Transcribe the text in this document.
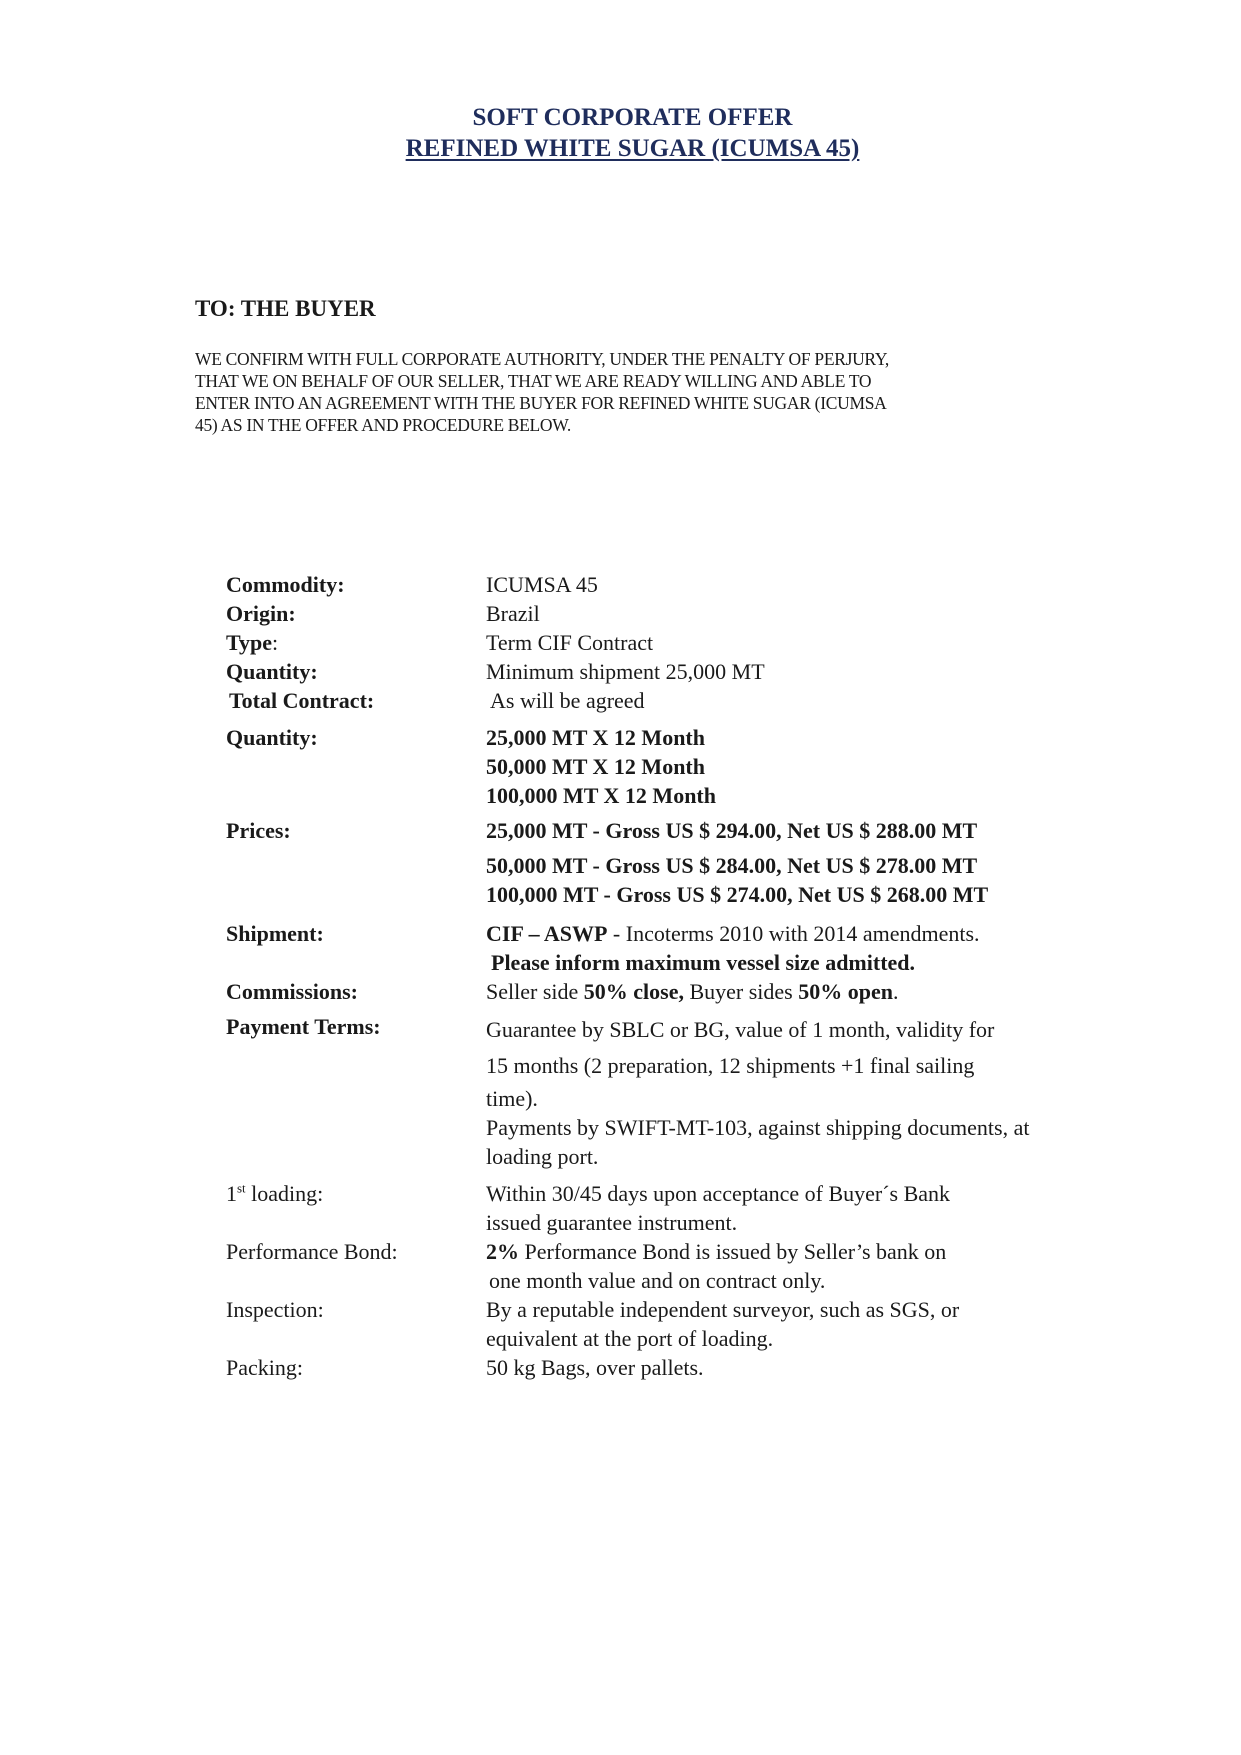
SOFT CORPORATE OFFER
REFINED WHITE SUGAR (ICUMSA 45)
TO: THE BUYER
WE CONFIRM WITH FULL CORPORATE AUTHORITY, UNDER THE PENALTY OF PERJURY,
THAT WE ON BEHALF OF OUR SELLER, THAT WE ARE READY WILLING AND ABLE TO
ENTER INTO AN AGREEMENT WITH THE BUYER FOR REFINED WHITE SUGAR (ICUMSA
45) AS IN THE OFFER AND PROCEDURE BELOW.
Commodity:	ICUMSA 45
Origin:	Brazil
Type:	Term CIF Contract
Quantity:	Minimum shipment 25,000 MT
Total Contract:	As will be agreed
Quantity:	25,000 MT X 12 Month
50,000 MT X 12 Month
100,000 MT X 12 Month
Prices:	25,000 MT - Gross US $ 294.00, Net US $ 288.00 MT
50,000 MT - Gross US $ 284.00, Net US $ 278.00 MT
100,000 MT - Gross US $ 274.00, Net US $ 268.00 MT
Shipment:	CIF – ASWP - Incoterms 2010 with 2014 amendments.
Please inform maximum vessel size admitted.
Commissions:	Seller side 50% close, Buyer sides 50% open.
Payment Terms:	Guarantee by SBLC or BG, value of 1 month, validity for
15 months (2 preparation, 12 shipments +1 final sailing
time).
Payments by SWIFT-MT-103, against shipping documents, at
loading port.
1st loading:	Within 30/45 days upon acceptance of Buyer´s Bank
issued guarantee instrument.
Performance Bond:	2% Performance Bond is issued by Seller’s bank on
one month value and on contract only.
Inspection:	By a reputable independent surveyor, such as SGS, or
equivalent at the port of loading.
Packing:	50 kg Bags, over pallets.
